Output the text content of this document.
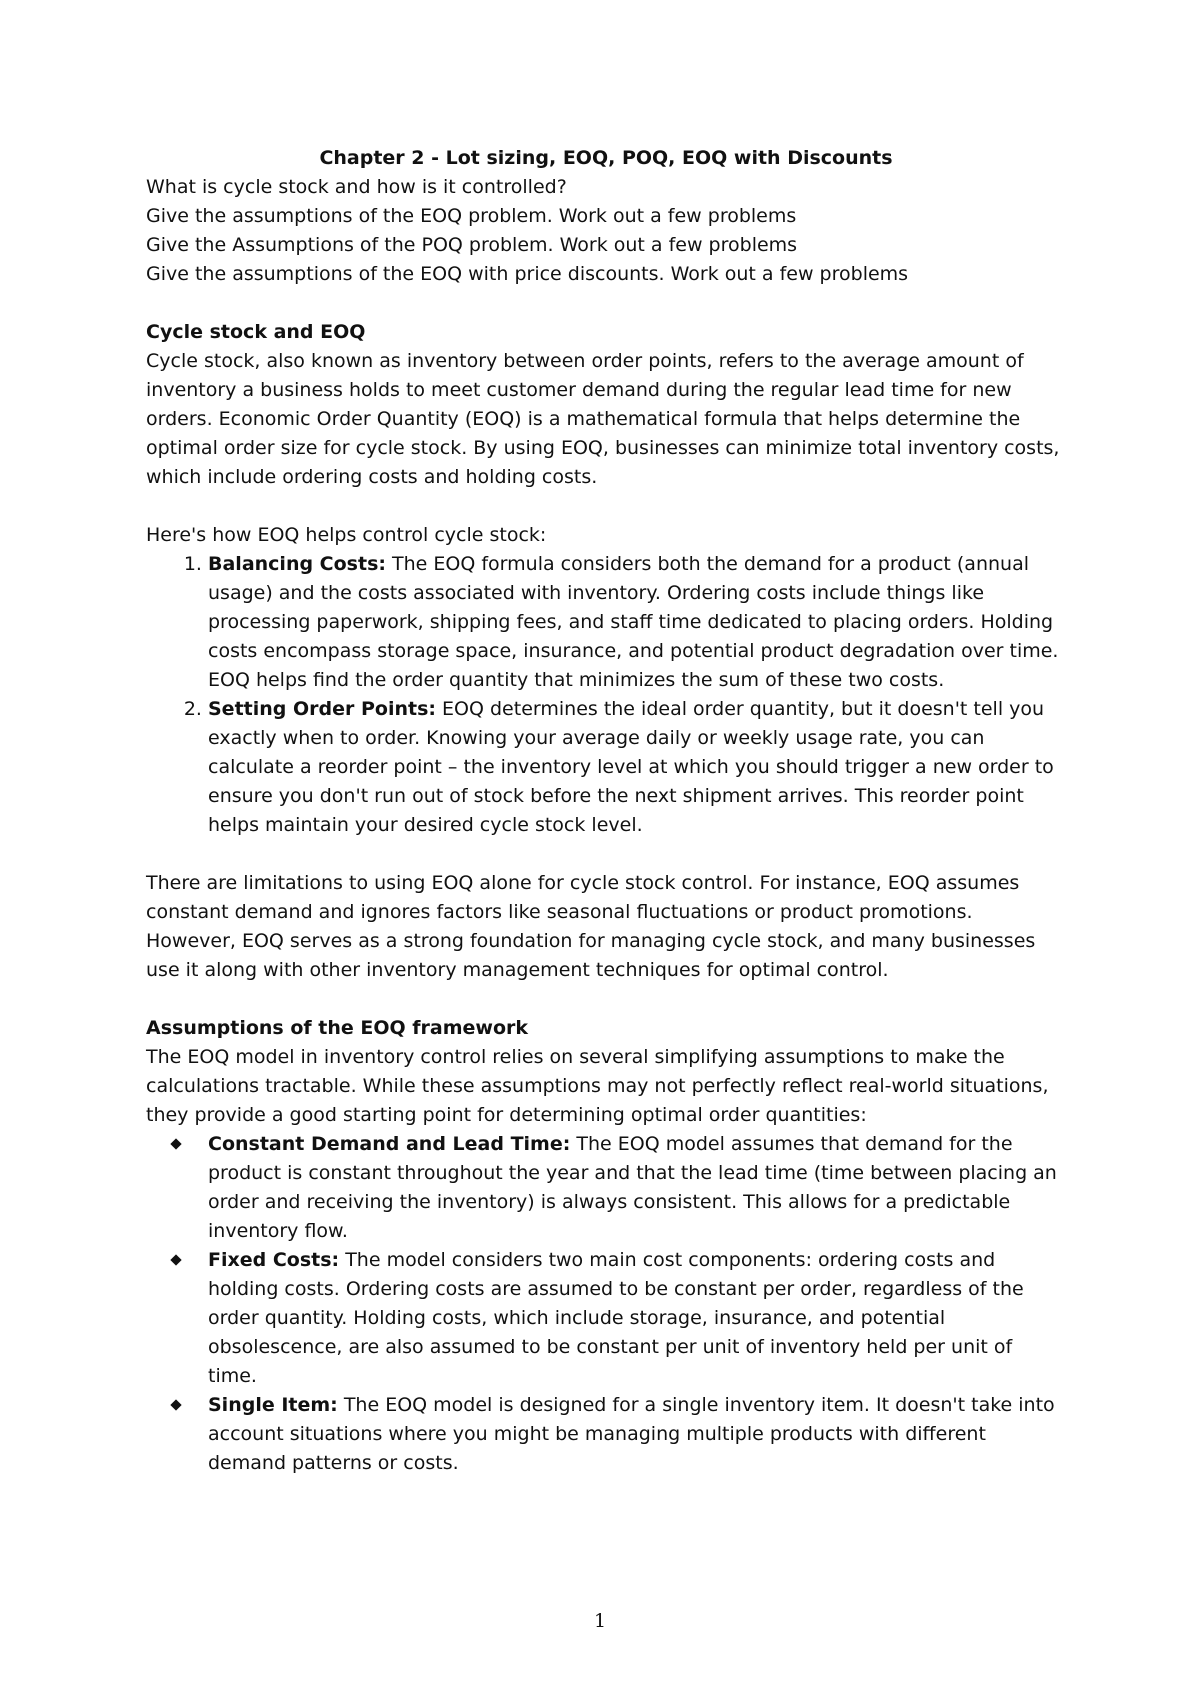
Chapter 2 - Lot sizing, EOQ, POQ, EOQ with Discounts

What is cycle stock and how is it controlled?

Give the assumptions of the EOQ problem. Work out a few problems

Give the Assumptions of the POQ problem. Work out a few problems

Give the assumptions of the EOQ with price discounts. Work out a few problems

Cycle stock and EOQ

Cycle stock, also known as inventory between order points, refers to the average amount of inventory a business holds to meet customer demand during the regular lead time for new orders. Economic Order Quantity (EOQ) is a mathematical formula that helps determine the optimal order size for cycle stock. By using EOQ, businesses can minimize total inventory costs, which include ordering costs and holding costs.

Here's how EOQ helps control cycle stock:

1. Balancing Costs: The EOQ formula considers both the demand for a product (annual usage) and the costs associated with inventory. Ordering costs include things like processing paperwork, shipping fees, and staff time dedicated to placing orders. Holding costs encompass storage space, insurance, and potential product degradation over time. EOQ helps find the order quantity that minimizes the sum of these two costs.
2. Setting Order Points: EOQ determines the ideal order quantity, but it doesn't tell you exactly when to order. Knowing your average daily or weekly usage rate, you can calculate a reorder point – the inventory level at which you should trigger a new order to ensure you don't run out of stock before the next shipment arrives. This reorder point helps maintain your desired cycle stock level.

There are limitations to using EOQ alone for cycle stock control. For instance, EOQ assumes constant demand and ignores factors like seasonal fluctuations or product promotions. However, EOQ serves as a strong foundation for managing cycle stock, and many businesses use it along with other inventory management techniques for optimal control.

Assumptions of the EOQ framework

The EOQ model in inventory control relies on several simplifying assumptions to make the calculations tractable. While these assumptions may not perfectly reflect real-world situations, they provide a good starting point for determining optimal order quantities:

Constant Demand and Lead Time: The EOQ model assumes that demand for the product is constant throughout the year and that the lead time (time between placing an order and receiving the inventory) is always consistent. This allows for a predictable inventory flow.
Fixed Costs: The model considers two main cost components: ordering costs and holding costs. Ordering costs are assumed to be constant per order, regardless of the order quantity. Holding costs, which include storage, insurance, and potential obsolescence, are also assumed to be constant per unit of inventory held per unit of time.
Single Item: The EOQ model is designed for a single inventory item. It doesn't take into account situations where you might be managing multiple products with different demand patterns or costs.
1
